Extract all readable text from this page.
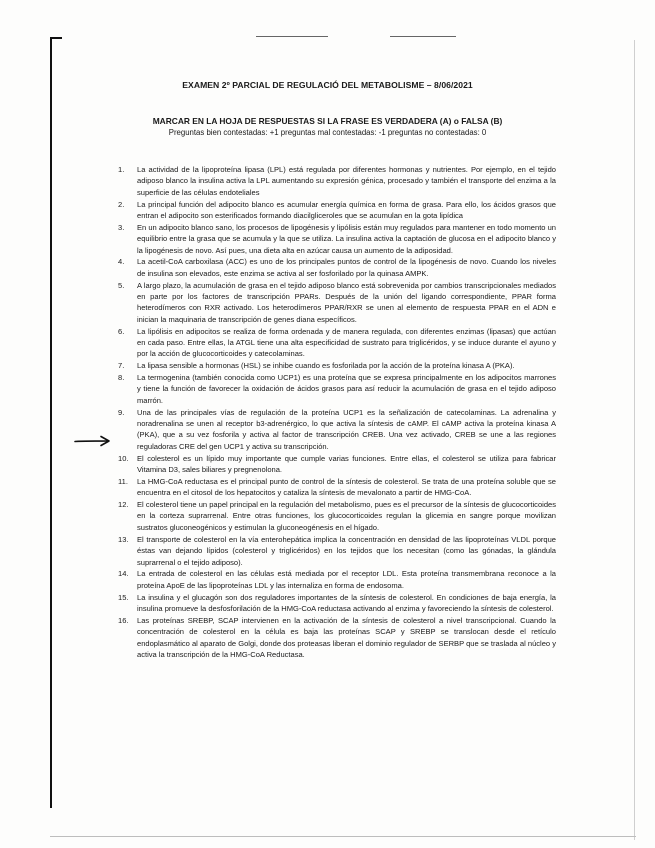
EXAMEN 2º PARCIAL DE REGULACIÓ DEL METABOLISME – 8/06/2021

MARCAR EN LA HOJA DE RESPUESTAS SI LA FRASE ES VERDADERA (A) o FALSA (B)

Preguntas bien contestadas: +1 preguntas mal contestadas: -1 preguntas no contestadas: 0

1.	La actividad de la lipoproteína lipasa (LPL) está regulada por diferentes hormonas y nutrientes. Por ejemplo, en el tejido adiposo blanco la insulina activa la LPL aumentando su expresión génica, procesado y también el transporte del enzima a la superficie de las células endoteliales

2.	La principal función del adipocito blanco es acumular energía química en forma de grasa. Para ello, los ácidos grasos que entran el adipocito son esterificados formando diacilgliceroles que se acumulan en la gota lipídica

3.	En un adipocito blanco sano, los procesos de lipogénesis y lipólisis están muy regulados para mantener en todo momento un equilibrio entre la grasa que se acumula y la que se utiliza. La insulina activa la captación de glucosa en el adipocito blanco y la lipogénesis de novo. Así pues, una dieta alta en azúcar causa un aumento de la adiposidad.

4.	La acetil-CoA carboxilasa (ACC) es uno de los principales puntos de control de la lipogénesis de novo. Cuando los niveles de insulina son elevados, este enzima se activa al ser fosforilado por la quinasa AMPK.

5.	A largo plazo, la acumulación de grasa en el tejido adiposo blanco está sobrevenida por cambios transcripcionales mediados en parte por los factores de transcripción PPARs. Después de la unión del ligando correspondiente, PPAR forma heterodímeros con RXR activado. Los heterodímeros PPAR/RXR se unen al elemento de respuesta PPAR en el ADN e inician la maquinaria de transcripción de genes diana específicos.

6.	La lipólisis en adipocitos se realiza de forma ordenada y de manera regulada, con diferentes enzimas (lipasas) que actúan en cada paso. Entre ellas, la ATGL tiene una alta especificidad de sustrato para triglicéridos, y se induce durante el ayuno y por la acción de glucocorticoides y catecolaminas.

7.	La lipasa sensible a hormonas (HSL) se inhibe cuando es fosforilada por la acción de la proteína kinasa A (PKA).

8.	La termogenina (también conocida como UCP1) es una proteína que se expresa principalmente en los adipocitos marrones y tiene la función de favorecer la oxidación de ácidos grasos para así reducir la acumulación de grasa en el tejido adiposo marrón.

9.	Una de las principales vías de regulación de la proteína UCP1 es la señalización de catecolaminas. La adrenalina y noradrenalina se unen al receptor b3-adrenérgico, lo que activa la síntesis de cAMP. El cAMP activa la proteína kinasa A (PKA), que a su vez fosforila y activa al factor de transcripción CREB. Una vez activado, CREB se une a las regiones reguladoras CRE del gen UCP1 y activa su transcripción.

10.	El colesterol es un lípido muy importante que cumple varias funciones. Entre ellas, el colesterol se utiliza para fabricar Vitamina D3, sales biliares y pregnenolona.

11.	La HMG-CoA reductasa es el principal punto de control de la síntesis de colesterol. Se trata de una proteína soluble que se encuentra en el citosol de los hepatocitos y cataliza la síntesis de mevalonato a partir de HMG-CoA.

12.	El colesterol tiene un papel principal en la regulación del metabolismo, pues es el precursor de la síntesis de glucocorticoides en la corteza suprarrenal. Entre otras funciones, los glucocorticoides regulan la glicemia en sangre porque movilizan sustratos gluconeogénicos y estimulan la gluconeogénesis en el hígado.

13.	El transporte de colesterol en la vía enterohepática implica la concentración en densidad de las lipoproteínas VLDL porque éstas van dejando lípidos (colesterol y triglicéridos) en los tejidos que los necesitan (como las gónadas, la glándula suprarrenal o el tejido adiposo).

14.	La entrada de colesterol en las células está mediada por el receptor LDL. Esta proteína transmembrana reconoce a la proteína ApoE de las lipoproteínas LDL y las internaliza en forma de endosoma.

15.	La insulina y el glucagón son dos reguladores importantes de la síntesis de colesterol. En condiciones de baja energía, la insulina promueve la desfosforilación de la HMG-CoA reductasa activando al enzima y favoreciendo la síntesis de colesterol.

16.	Las proteínas SREBP, SCAP intervienen en la activación de la síntesis de colesterol a nivel transcripcional. Cuando la concentración de colesterol en la célula es baja las proteínas SCAP y SREBP se translocan desde el retículo endoplasmático al aparato de Golgi, donde dos proteasas liberan el dominio regulador de SERBP que se traslada al núcleo y activa la transcripción de la HMG-CoA Reductasa.
